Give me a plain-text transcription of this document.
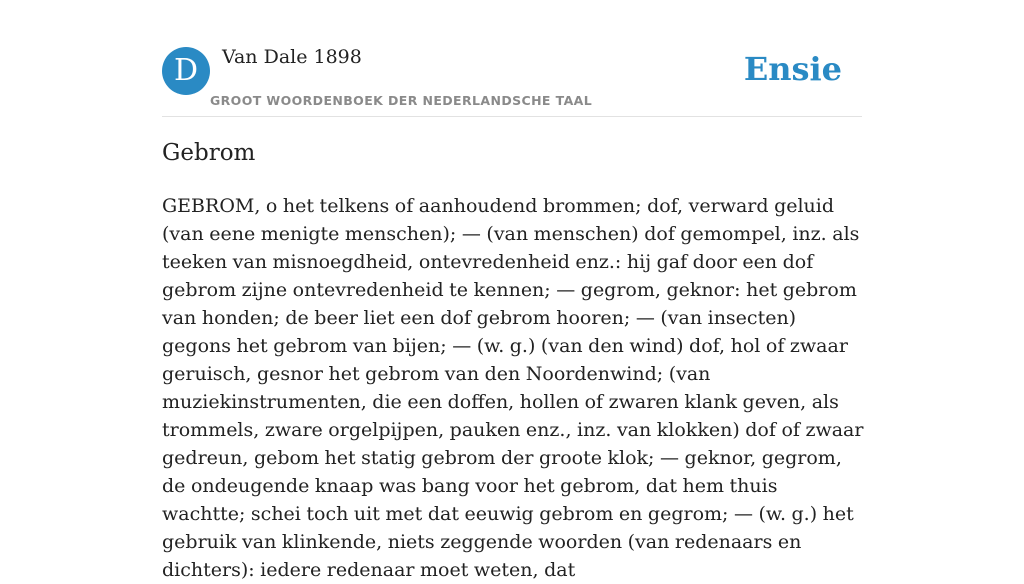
D	Van Dale 1898
GROOT WOORDENBOEK DER NEDERLANDSCHE TAAL
Ensie
Gebrom

GEBROM, o het telkens of aanhoudend brommen; dof, verward geluid (van eene menigte menschen); — (van menschen) dof gemompel, inz. als teeken van misnoegdheid, ontevredenheid enz.: hij gaf door een dof gebrom zijne ontevredenheid te kennen; — gegrom, geknor: het gebrom van honden; de beer liet een dof gebrom hooren; — (van insecten) gegons het gebrom van bijen; — (w. g.) (van den wind) dof, hol of zwaar geruisch, gesnor het gebrom van den Noordenwind; (van muziekinstrumenten, die een doffen, hollen of zwaren klank geven, als trommels, zware orgelpijpen, pauken enz., inz. van klokken) dof of zwaar gedreun, gebom het statig gebrom der groote klok; — geknor, gegrom, de ondeugende knaap was bang voor het gebrom, dat hem thuis wachtte; schei toch uit met dat eeuwig gebrom en gegrom; — (w. g.) het gebruik van klinkende, niets zeggende woorden (van redenaars en dichters): iedere redenaar moet weten, dat
